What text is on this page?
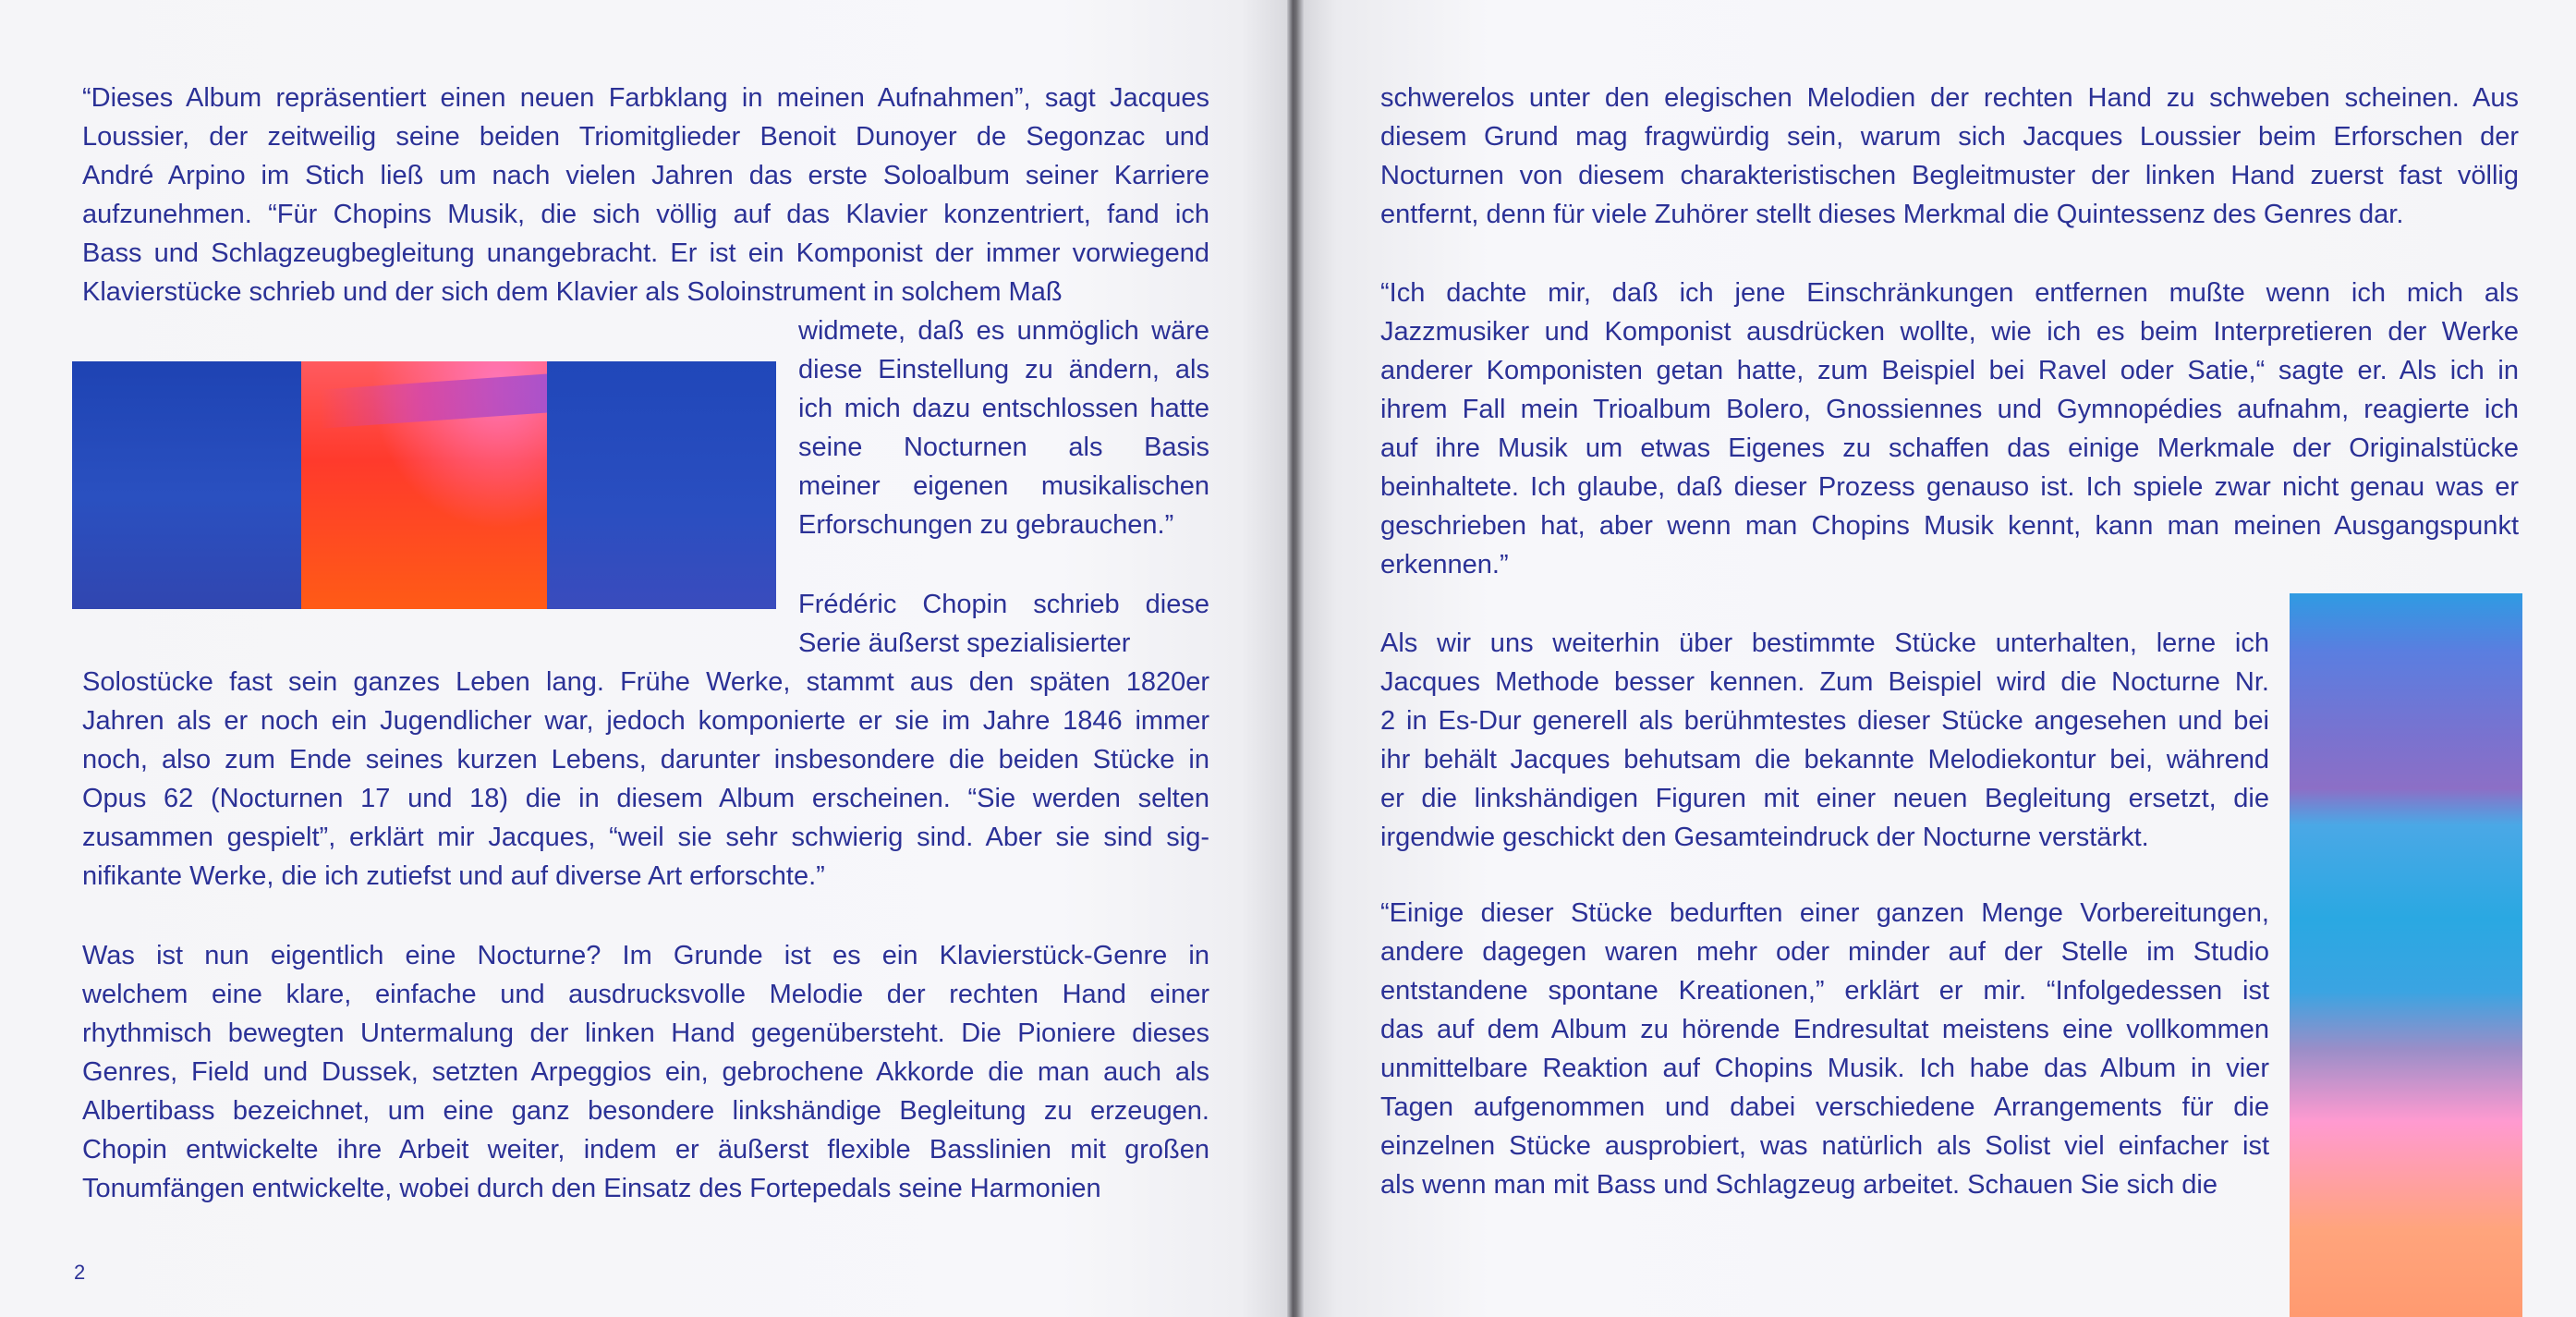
“Dieses Album repräsentiert einen neuen Farbklang in meinen Aufnahmen”, sagt Jacques
Loussier, der zeitweilig seine beiden Triomitglieder Benoit Dunoyer de Segonzac und
André Arpino im Stich ließ um nach vielen Jahren das erste Soloalbum seiner Karriere
aufzunehmen. “Für Chopins Musik, die sich völlig auf das Klavier konzentriert, fand ich
Bass und Schlagzeugbegleitung unangebracht. Er ist ein Komponist der immer vorwiegend
Klavierstücke schrieb und der sich dem Klavier als Soloinstrument in solchem Maß
widmete, daß es unmöglich wäre
diese Einstellung zu ändern, als
ich mich dazu entschlossen hatte
seine Nocturnen als Basis
meiner eigenen musikalischen
Erforschungen zu gebrauchen.”
Frédéric Chopin schrieb diese
Serie äußerst spezialisierter
Solostücke fast sein ganzes Leben lang. Frühe Werke, stammt aus den späten 1820er
Jahren als er noch ein Jugendlicher war, jedoch komponierte er sie im Jahre 1846 immer
noch, also zum Ende seines kurzen Lebens, darunter insbesondere die beiden Stücke in
Opus 62 (Nocturnen 17 und 18) die in diesem Album erscheinen. “Sie werden selten
zusammen gespielt”, erklärt mir Jacques, “weil sie sehr schwierig sind. Aber sie sind sig-
nifikante Werke, die ich zutiefst und auf diverse Art erforschte.”
Was ist nun eigentlich eine Nocturne? Im Grunde ist es ein Klavierstück-Genre in
welchem eine klare, einfache und ausdrucksvolle Melodie der rechten Hand einer
rhythmisch bewegten Untermalung der linken Hand gegenübersteht. Die Pioniere dieses
Genres, Field und Dussek, setzten Arpeggios ein, gebrochene Akkorde die man auch als
Albertibass bezeichnet, um eine ganz besondere linkshändige Begleitung zu erzeugen.
Chopin entwickelte ihre Arbeit weiter, indem er äußerst flexible Basslinien mit großen
Tonumfängen entwickelte, wobei durch den Einsatz des Fortepedals seine Harmonien
2
schwerelos unter den elegischen Melodien der rechten Hand zu schweben scheinen. Aus
diesem Grund mag fragwürdig sein, warum sich Jacques Loussier beim Erforschen der
Nocturnen von diesem charakteristischen Begleitmuster der linken Hand zuerst fast völlig
entfernt, denn für viele Zuhörer stellt dieses Merkmal die Quintessenz des Genres dar.
“Ich dachte mir, daß ich jene Einschränkungen entfernen mußte wenn ich mich als
Jazzmusiker und Komponist ausdrücken wollte, wie ich es beim Interpretieren der Werke
anderer Komponisten getan hatte, zum Beispiel bei Ravel oder Satie,“ sagte er. Als ich in
ihrem Fall mein Trioalbum Bolero, Gnossiennes und Gymnopédies aufnahm, reagierte ich
auf ihre Musik um etwas Eigenes zu schaffen das einige Merkmale der Originalstücke
beinhaltete. Ich glaube, daß dieser Prozess genauso ist. Ich spiele zwar nicht genau was er
geschrieben hat, aber wenn man Chopins Musik kennt, kann man meinen Ausgangspunkt
erkennen.”
Als wir uns weiterhin über bestimmte Stücke unterhalten, lerne ich
Jacques Methode besser kennen. Zum Beispiel wird die Nocturne Nr.
2 in Es-Dur generell als berühmtestes dieser Stücke angesehen und bei
ihr behält Jacques behutsam die bekannte Melodiekontur bei, während
er die linkshändigen Figuren mit einer neuen Begleitung ersetzt, die
irgendwie geschickt den Gesamteindruck der Nocturne verstärkt.
“Einige dieser Stücke bedurften einer ganzen Menge Vorbereitungen,
andere dagegen waren mehr oder minder auf der Stelle im Studio
entstandene spontane Kreationen,” erklärt er mir. “Infolgedessen ist
das auf dem Album zu hörende Endresultat meistens eine vollkommen
unmittelbare Reaktion auf Chopins Musik. Ich habe das Album in vier
Tagen aufgenommen und dabei verschiedene Arrangements für die
einzelnen Stücke ausprobiert, was natürlich als Solist viel einfacher ist
als wenn man mit Bass und Schlagzeug arbeitet. Schauen Sie sich die
